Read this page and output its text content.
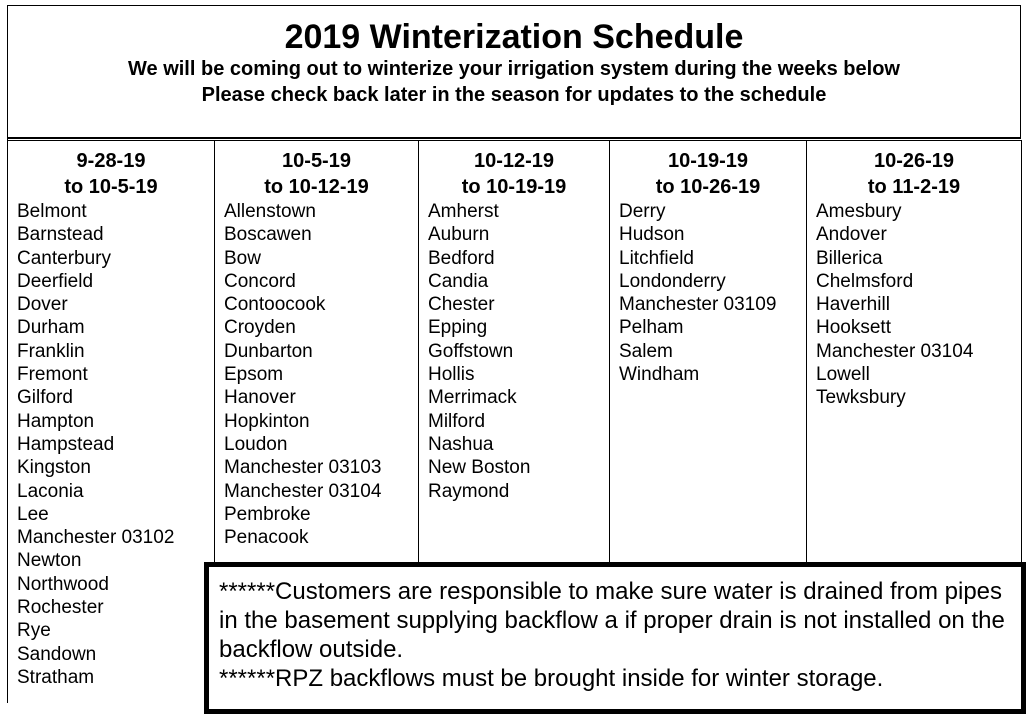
2019 Winterization Schedule
We will be coming out to winterize your irrigation system during the weeks below
Please check back later in the season for updates to the schedule
9-28-19
to 10-5-19
Belmont
Barnstead
Canterbury
Deerfield
Dover
Durham
Franklin
Fremont
Gilford
Hampton
Hampstead
Kingston
Laconia
Lee
Manchester 03102
Newton
Northwood
Rochester
Rye
Sandown
Stratham
10-5-19
to 10-12-19
Allenstown
Boscawen
Bow
Concord
Contoocook
Croyden
Dunbarton
Epsom
Hanover
Hopkinton
Loudon
Manchester 03103
Manchester 03104
Pembroke
Penacook
10-12-19
to 10-19-19
Amherst
Auburn
Bedford
Candia
Chester
Epping
Goffstown
Hollis
Merrimack
Milford
Nashua
New Boston
Raymond
10-19-19
to 10-26-19
Derry
Hudson
Litchfield
Londonderry
Manchester 03109
Pelham
Salem
Windham
10-26-19
to 11-2-19
Amesbury
Andover
Billerica
Chelmsford
Haverhill
Hooksett
Manchester 03104
Lowell
Tewksbury

******Customers are responsible to make sure water is drained from pipes in the basement supplying backflow a if proper drain is not installed on the backflow outside.

******RPZ backflows must be brought inside for winter storage.
